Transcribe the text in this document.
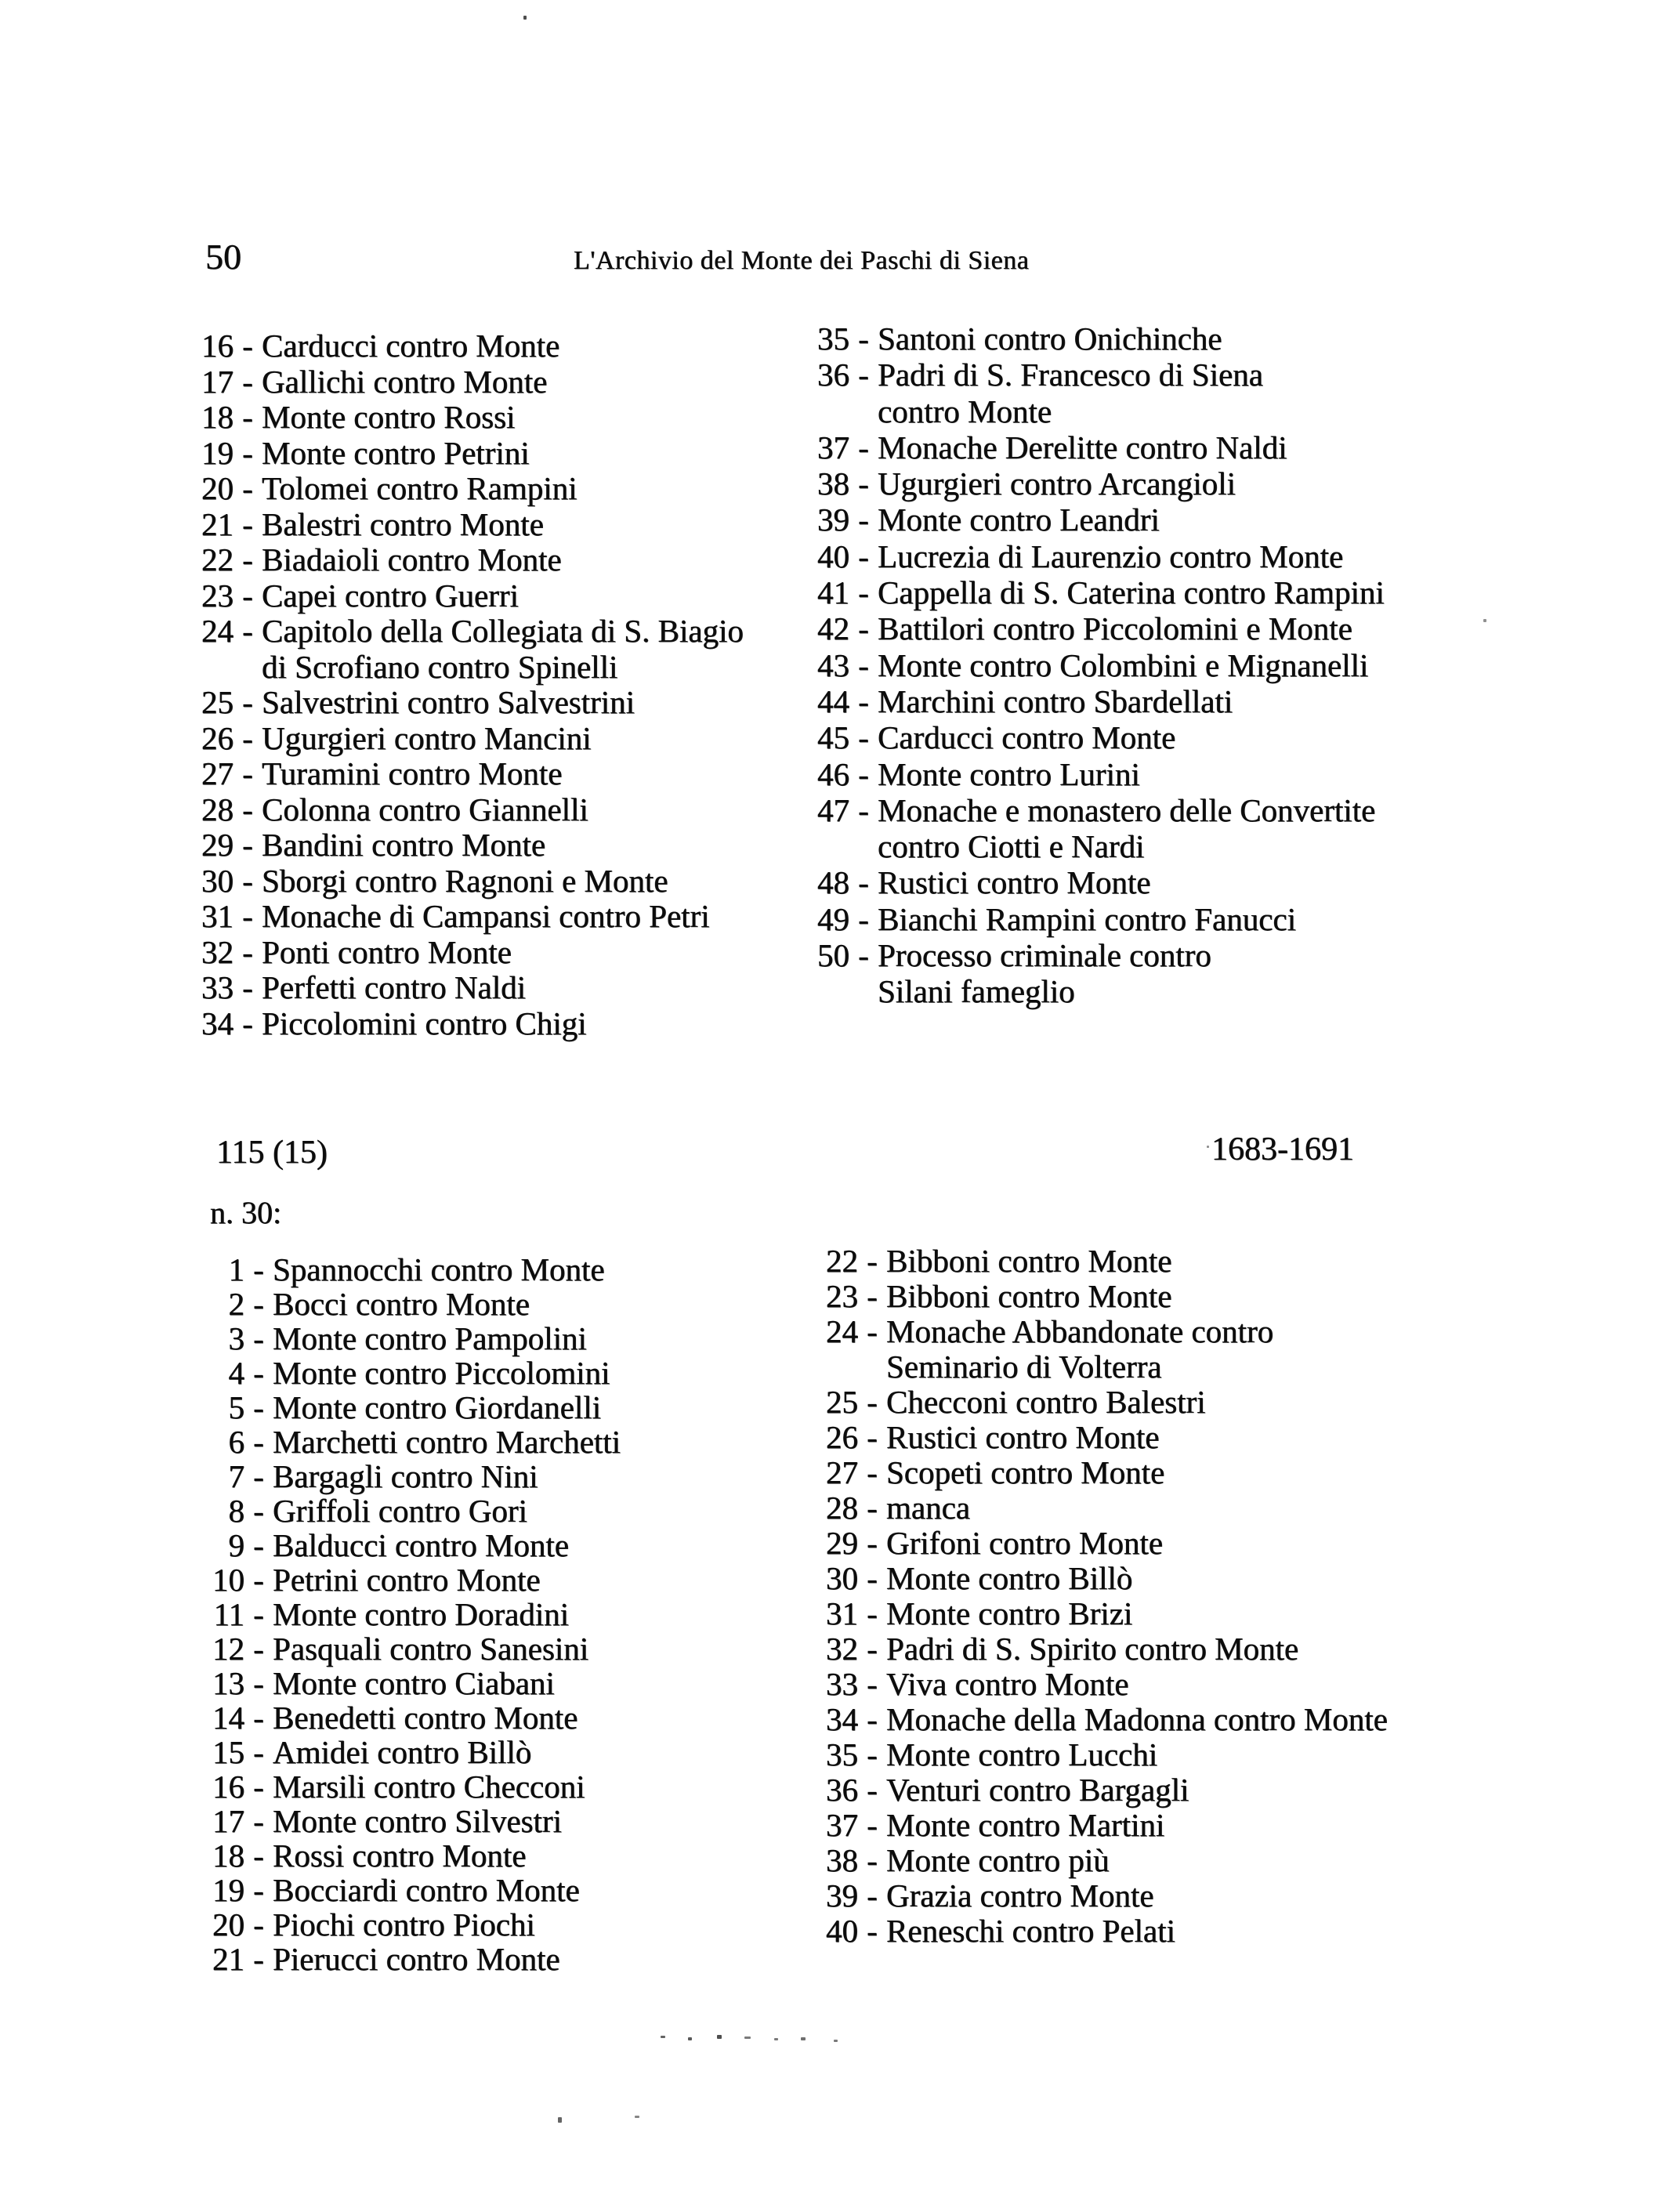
50	L'Archivio del Monte dei Paschi di Siena
16 - Carducci contro Monte
17 - Gallichi contro Monte
18 - Monte contro Rossi
19 - Monte contro Petrini
20 - Tolomei contro Rampini
21 - Balestri contro Monte
22 - Biadaioli contro Monte
23 - Capei contro Guerri
24 - Capitolo della Collegiata di S. Biagio
di Scrofiano contro Spinelli
25 - Salvestrini contro Salvestrini
26 - Ugurgieri contro Mancini
27 - Turamini contro Monte
28 - Colonna contro Giannelli
29 - Bandini contro Monte
30 - Sborgi contro Ragnoni e Monte
31 - Monache di Campansi contro Petri
32 - Ponti contro Monte
33 - Perfetti contro Naldi
34 - Piccolomini contro Chigi
35 - Santoni contro Onichinche
36 - Padri di S. Francesco di Siena
contro Monte
37 - Monache Derelitte contro Naldi
38 - Ugurgieri contro Arcangioli
39 - Monte contro Leandri
40 - Lucrezia di Laurenzio contro Monte
41 - Cappella di S. Caterina contro Rampini
42 - Battilori contro Piccolomini e Monte
43 - Monte contro Colombini e Mignanelli
44 - Marchini contro Sbardellati
45 - Carducci contro Monte
46 - Monte contro Lurini
47 - Monache e monastero delle Convertite
contro Ciotti e Nardi
48 - Rustici contro Monte
49 - Bianchi Rampini contro Fanucci
50 - Processo criminale contro
Silani fameglio
115 (15)	1683-1691
n. 30:
1 - Spannocchi contro Monte
2 - Bocci contro Monte
3 - Monte contro Pampolini
4 - Monte contro Piccolomini
5 - Monte contro Giordanelli
6 - Marchetti contro Marchetti
7 - Bargagli contro Nini
8 - Griffoli contro Gori
9 - Balducci contro Monte
10 - Petrini contro Monte
11 - Monte contro Doradini
12 - Pasquali contro Sanesini
13 - Monte contro Ciabani
14 - Benedetti contro Monte
15 - Amidei contro Billò
16 - Marsili contro Checconi
17 - Monte contro Silvestri
18 - Rossi contro Monte
19 - Bocciardi contro Monte
20 - Piochi contro Piochi
21 - Pierucci contro Monte
22 - Bibboni contro Monte
23 - Bibboni contro Monte
24 - Monache Abbandonate contro
Seminario di Volterra
25 - Checconi contro Balestri
26 - Rustici contro Monte
27 - Scopeti contro Monte
28 - manca
29 - Grifoni contro Monte
30 - Monte contro Billò
31 - Monte contro Brizi
32 - Padri di S. Spirito contro Monte
33 - Viva contro Monte
34 - Monache della Madonna contro Monte
35 - Monte contro Lucchi
36 - Venturi contro Bargagli
37 - Monte contro Martini
38 - Monte contro più
39 - Grazia contro Monte
40 - Reneschi contro Pelati
